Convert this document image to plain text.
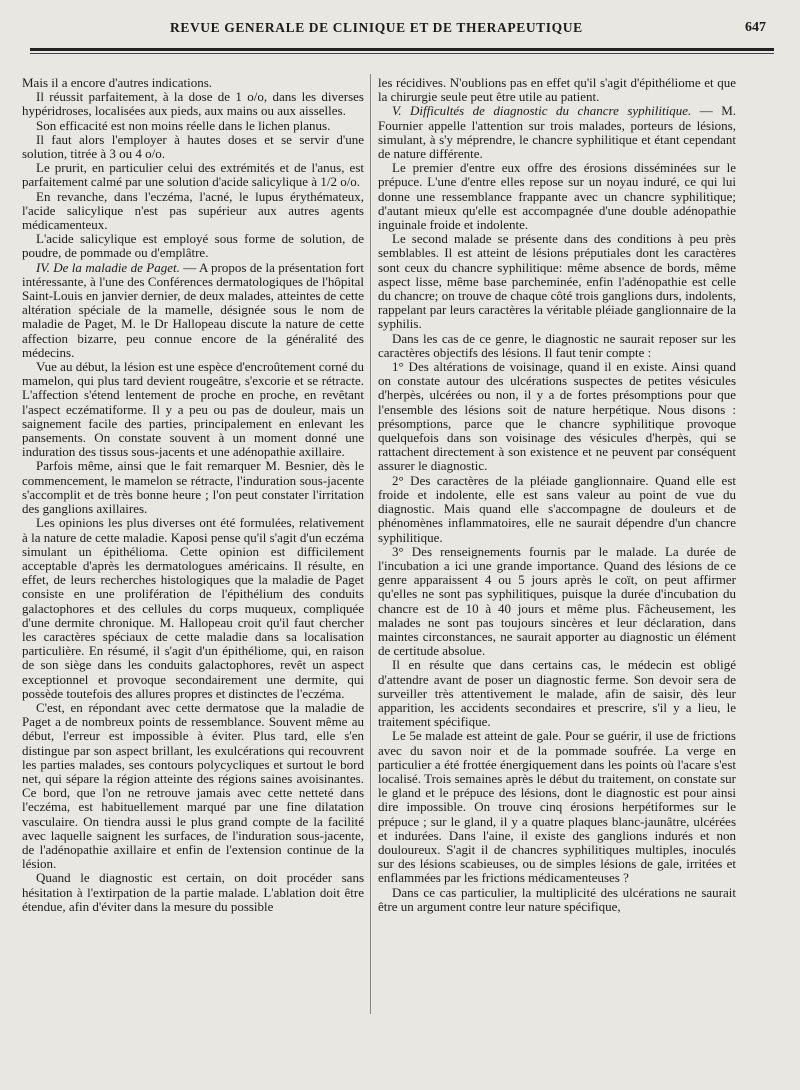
REVUE GENERALE DE CLINIQUE ET DE THERAPEUTIQUE	647

Mais il a encore d'autres indications.

Il réussit parfaitement, à la dose de 1 o/o, dans les diverses hypéridroses, localisées aux pieds, aux mains ou aux aisselles.

Son efficacité est non moins réelle dans le lichen planus.

Il faut alors l'employer à hautes doses et se servir d'une solution, titrée à 3 ou 4 o/o.

Le prurit, en particulier celui des extrémités et de l'anus, est parfaitement calmé par une solution d'acide salicylique à 1/2 o/o.

En revanche, dans l'eczéma, l'acné, le lupus érythémateux, l'acide salicylique n'est pas supérieur aux autres agents médicamenteux.

L'acide salicylique est employé sous forme de solution, de poudre, de pommade ou d'emplâtre.

IV. De la maladie de Paget. — A propos de la présentation fort intéressante, à l'une des Conférences dermatologiques de l'hôpital Saint-Louis en janvier dernier, de deux malades, atteintes de cette altération spéciale de la mamelle, désignée sous le nom de maladie de Paget, M. le Dr Hallopeau discute la nature de cette affection bizarre, peu connue encore de la généralité des médecins.

Vue au début, la lésion est une espèce d'encroûtement corné du mamelon, qui plus tard devient rougeâtre, s'excorie et se rétracte. L'affection s'étend lentement de proche en proche, en revêtant l'aspect eczématiforme. Il y a peu ou pas de douleur, mais un saignement facile des parties, principalement en enlevant les pansements. On constate souvent à un moment donné une induration des tissus sous-jacents et une adénopathie axillaire.

Parfois même, ainsi que le fait remarquer M. Besnier, dès le commencement, le mamelon se rétracte, l'induration sous-jacente s'accomplit et de très bonne heure ; l'on peut constater l'irritation des ganglions axillaires.

Les opinions les plus diverses ont été formulées, relativement à la nature de cette maladie. Kaposi pense qu'il s'agit d'un eczéma simulant un épithélioma. Cette opinion est difficilement acceptable d'après les dermatologues américains. Il résulte, en effet, de leurs recherches histologiques que la maladie de Paget consiste en une prolifération de l'épithélium des conduits galactophores et des cellules du corps muqueux, compliquée d'une dermite chronique. M. Hallopeau croit qu'il faut chercher les caractères spéciaux de cette maladie dans sa localisation particulière. En résumé, il s'agit d'un épithéliome, qui, en raison de son siège dans les conduits galactophores, revêt un aspect exceptionnel et provoque secondairement une dermite, qui possède toutefois des allures propres et distinctes de l'eczéma.

C'est, en répondant avec cette dermatose que la maladie de Paget a de nombreux points de ressemblance. Souvent même au début, l'erreur est impossible à éviter. Plus tard, elle s'en distingue par son aspect brillant, les exulcérations qui recouvrent les parties malades, ses contours polycycliques et surtout le bord net, qui sépare la région atteinte des régions saines avoisinantes. Ce bord, que l'on ne retrouve jamais avec cette netteté dans l'eczéma, est habituellement marqué par une fine dilatation vasculaire. On tiendra aussi le plus grand compte de la facilité avec laquelle saignent les surfaces, de l'induration sous-jacente, de l'adénopathie axillaire et enfin de l'extension continue de la lésion.

Quand le diagnostic est certain, on doit procéder sans hésitation à l'extirpation de la partie malade. L'ablation doit être étendue, afin d'éviter dans la mesure du possible

les récidives. N'oublions pas en effet qu'il s'agit d'épithéliome et que la chirurgie seule peut être utile au patient.

V. Difficultés de diagnostic du chancre syphilitique. — M. Fournier appelle l'attention sur trois malades, porteurs de lésions, simulant, à s'y méprendre, le chancre syphilitique et étant cependant de nature différente.

Le premier d'entre eux offre des érosions disséminées sur le prépuce. L'une d'entre elles repose sur un noyau induré, ce qui lui donne une ressemblance frappante avec un chancre syphilitique; d'autant mieux qu'elle est accompagnée d'une double adénopathie inguinale froide et indolente.

Le second malade se présente dans des conditions à peu près semblables. Il est atteint de lésions préputiales dont les caractères sont ceux du chancre syphilitique: même absence de bords, même aspect lisse, même base parcheminée, enfin l'adénopathie est celle du chancre; on trouve de chaque côté trois ganglions durs, indolents, rappelant par leurs caractères la véritable pléiade ganglionnaire de la syphilis.

Dans les cas de ce genre, le diagnostic ne saurait reposer sur les caractères objectifs des lésions. Il faut tenir compte :

1° Des altérations de voisinage, quand il en existe. Ainsi quand on constate autour des ulcérations suspectes de petites vésicules d'herpès, ulcérées ou non, il y a de fortes présomptions pour que l'ensemble des lésions soit de nature herpétique. Nous disons : présomptions, parce que le chancre syphilitique provoque quelquefois dans son voisinage des vésicules d'herpès, qui se rattachent directement à son existence et ne peuvent par conséquent assurer le diagnostic.

2° Des caractères de la pléiade ganglionnaire. Quand elle est froide et indolente, elle est sans valeur au point de vue du diagnostic. Mais quand elle s'accompagne de douleurs et de phénomènes inflammatoires, elle ne saurait dépendre d'un chancre syphilitique.

3° Des renseignements fournis par le malade. La durée de l'incubation a ici une grande importance. Quand des lésions de ce genre apparaissent 4 ou 5 jours après le coït, on peut affirmer qu'elles ne sont pas syphilitiques, puisque la durée d'incubation du chancre est de 10 à 40 jours et même plus. Fâcheusement, les malades ne sont pas toujours sincères et leur déclaration, dans maintes circonstances, ne saurait apporter au diagnostic un élément de certitude absolue.

Il en résulte que dans certains cas, le médecin est obligé d'attendre avant de poser un diagnostic ferme. Son devoir sera de surveiller très attentivement le malade, afin de saisir, dès leur apparition, les accidents secondaires et prescrire, s'il y a lieu, le traitement spécifique.

Le 5e malade est atteint de gale. Pour se guérir, il use de frictions avec du savon noir et de la pommade soufrée. La verge en particulier a été frottée énergiquement dans les points où l'acare s'est localisé. Trois semaines après le début du traitement, on constate sur le gland et le prépuce des lésions, dont le diagnostic est pour ainsi dire impossible. On trouve cinq érosions herpétiformes sur le prépuce ; sur le gland, il y a quatre plaques blanc-jaunâtre, ulcérées et indurées. Dans l'aine, il existe des ganglions indurés et non douloureux. S'agit il de chancres syphilitiques multiples, inoculés sur des lésions scabieuses, ou de simples lésions de gale, irritées et enflammées par les frictions médicamenteuses ?

Dans ce cas particulier, la multiplicité des ulcérations ne saurait être un argument contre leur nature spécifique,
